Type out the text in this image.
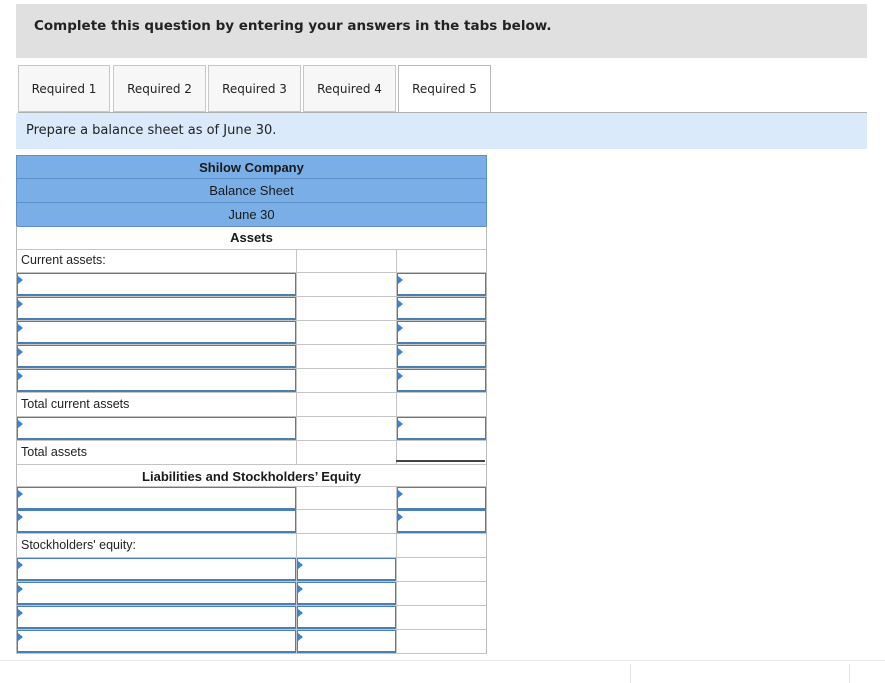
Complete this question by entering your answers in the tabs below.
Required 1	Required 2	Required 3	Required 4	Required 5
Prepare a balance sheet as of June 30.
Shilow Company
Balance Sheet
June 30
Assets
Current assets:
Total current assets
Total assets
Liabilities and Stockholders’ Equity
Stockholders' equity:
